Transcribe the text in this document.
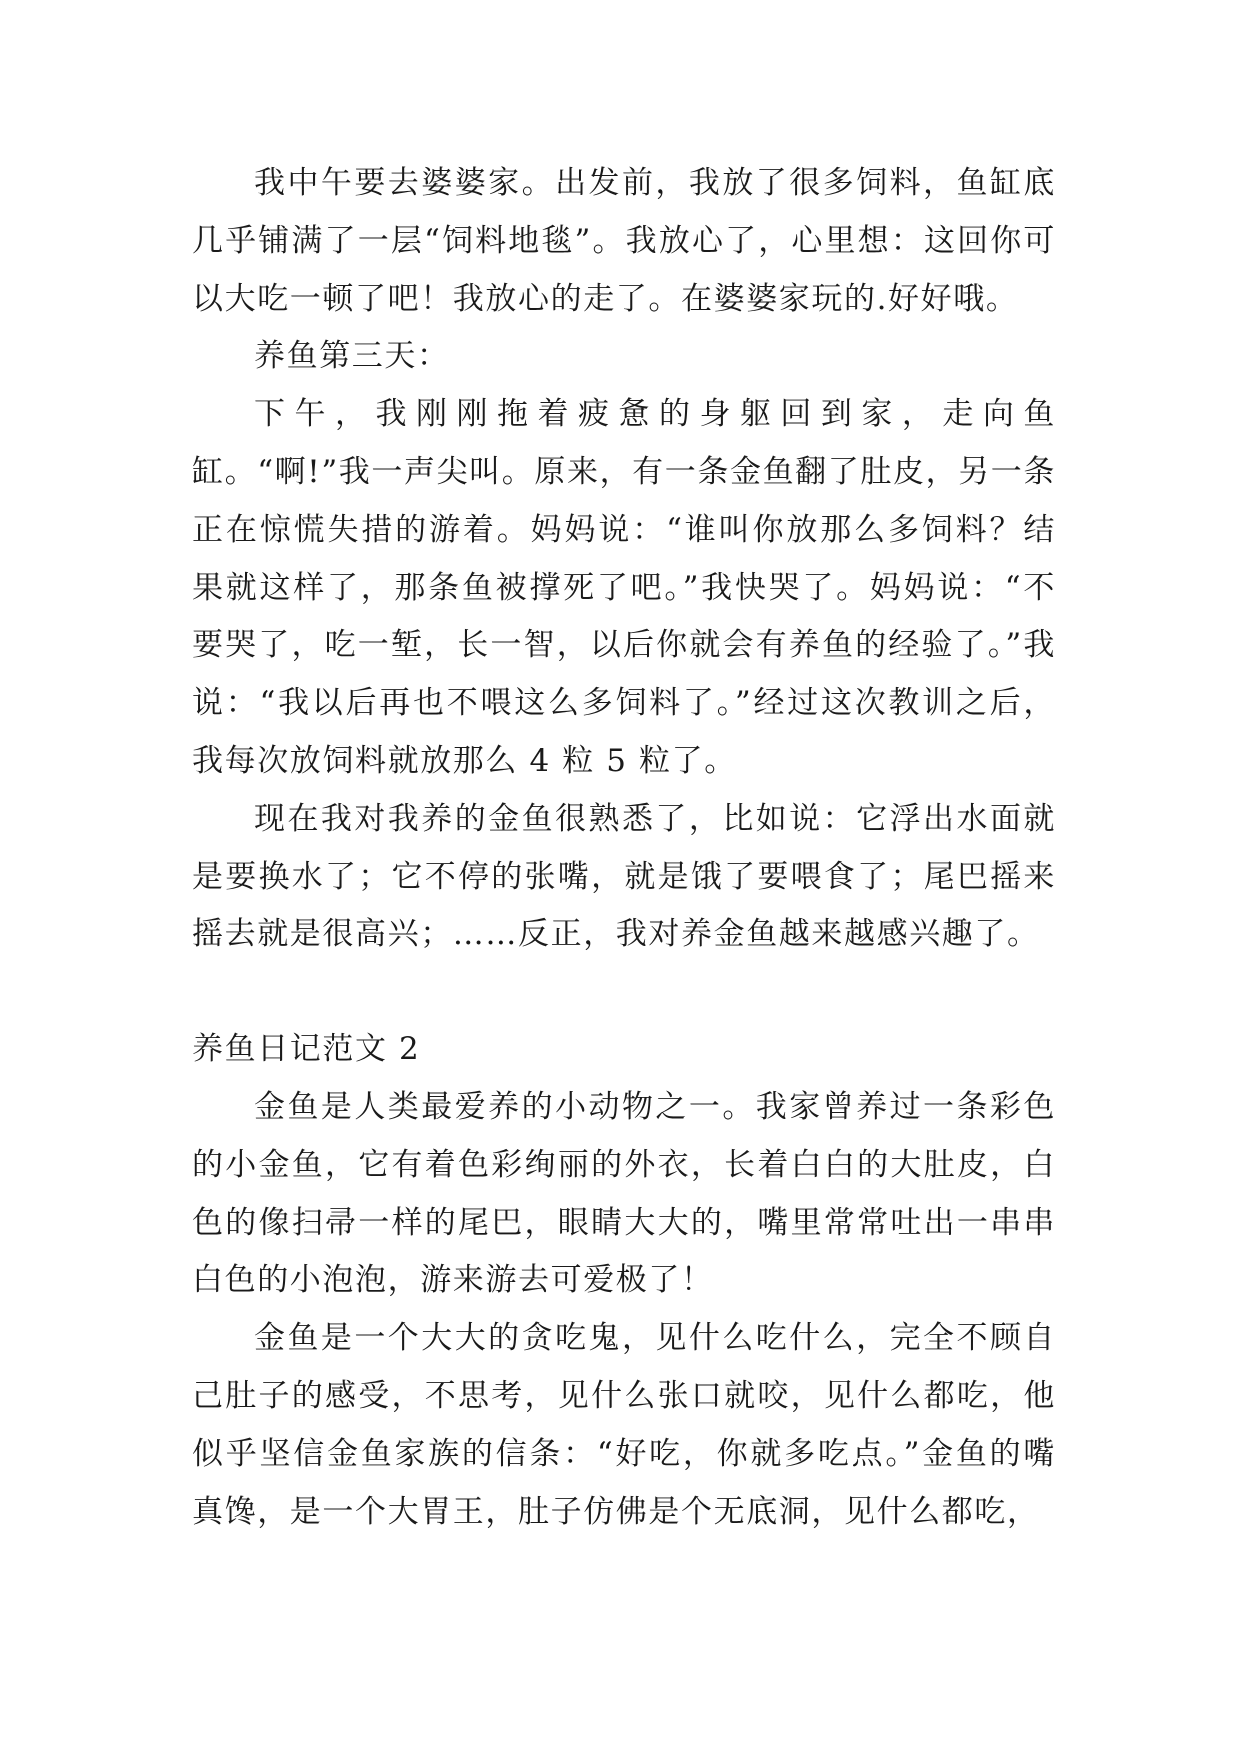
我中午要去婆婆家。出发前，我放了很多饲料，鱼缸底几乎铺满了一层“饲料地毯”。我放心了，心里想：这回你可以大吃一顿了吧！我放心的走了。在婆婆家玩的.好好哦。

养鱼第三天：

下午，我刚刚拖着疲惫的身躯回到家，走向鱼缸。“啊!”我一声尖叫。原来，有一条金鱼翻了肚皮，另一条正在惊慌失措的游着。妈妈说：“谁叫你放那么多饲料？结果就这样了，那条鱼被撑死了吧。”我快哭了。妈妈说：“不要哭了，吃一堑，长一智，以后你就会有养鱼的经验了。”我说：“我以后再也不喂这么多饲料了。”经过这次教训之后，我每次放饲料就放那么 4 粒 5 粒了。

现在我对我养的金鱼很熟悉了，比如说：它浮出水面就是要换水了；它不停的张嘴，就是饿了要喂食了；尾巴摇来摇去就是很高兴；……反正，我对养金鱼越来越感兴趣了。

养鱼日记范文 2

金鱼是人类最爱养的小动物之一。我家曾养过一条彩色的小金鱼，它有着色彩绚丽的外衣，长着白白的大肚皮，白色的像扫帚一样的尾巴，眼睛大大的，嘴里常常吐出一串串白色的小泡泡，游来游去可爱极了！

金鱼是一个大大的贪吃鬼，见什么吃什么，完全不顾自己肚子的感受，不思考，见什么张口就咬，见什么都吃，他似乎坚信金鱼家族的信条：“好吃，你就多吃点。”金鱼的嘴真馋，是一个大胃王，肚子仿佛是个无底洞，见什么都吃，
